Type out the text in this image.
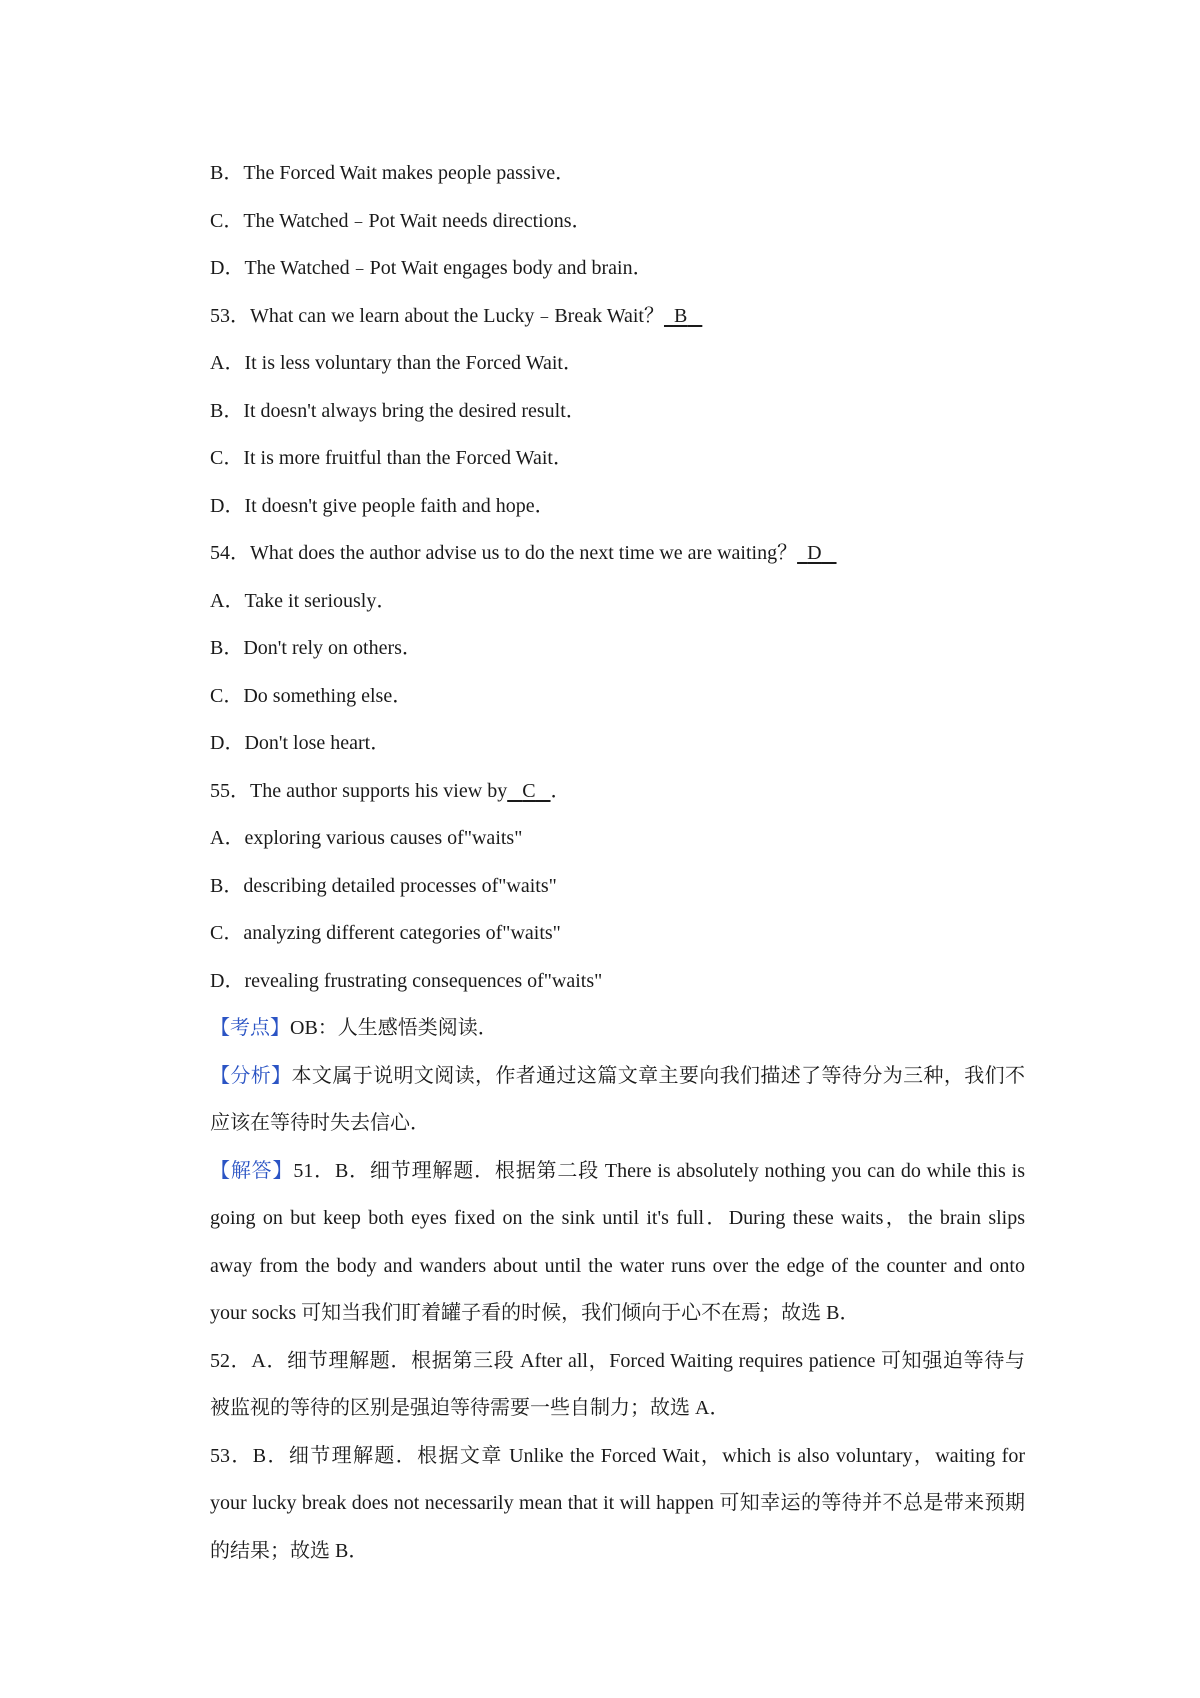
B．The Forced Wait makes people passive．
C．The Watched﹣Pot Wait needs directions．
D．The Watched﹣Pot Wait engages body and brain．
53．What can we learn about the Lucky﹣Break Wait？ B
A．It is less voluntary than the Forced Wait．
B．It doesn't always bring the desired result．
C．It is more fruitful than the Forced Wait．
D．It doesn't give people faith and hope．
54．What does the author advise us to do the next time we are waiting？ D
A．Take it seriously．
B．Don't rely on others．
C．Do something else．
D．Don't lose heart．
55．The author supports his view by C ．
A．exploring various causes of"waits"
B．describing detailed processes of"waits"
C．analyzing different categories of"waits"
D．revealing frustrating consequences of"waits"
【考点】OB：人生感悟类阅读．
【分析】本文属于说明文阅读，作者通过这篇文章主要向我们描述了等待分为三种，我们不应该在等待时失去信心．
【解答】51．B．细节理解题．根据第二段 There is absolutely nothing you can do while this is going on but keep both eyes fixed on the sink until it's full．During these waits，the brain slips away from the body and wanders about until the water runs over the edge of the counter and onto your socks 可知当我们盯着罐子看的时候，我们倾向于心不在焉；故选 B．
52．A．细节理解题．根据第三段 After all，Forced Waiting requires patience 可知强迫等待与被监视的等待的区别是强迫等待需要一些自制力；故选 A．
53．B．细节理解题．根据文章 Unlike the Forced Wait，which is also voluntary，waiting for your lucky break does not necessarily mean that it will happen 可知幸运的等待并不总是带来预期的结果；故选 B．
